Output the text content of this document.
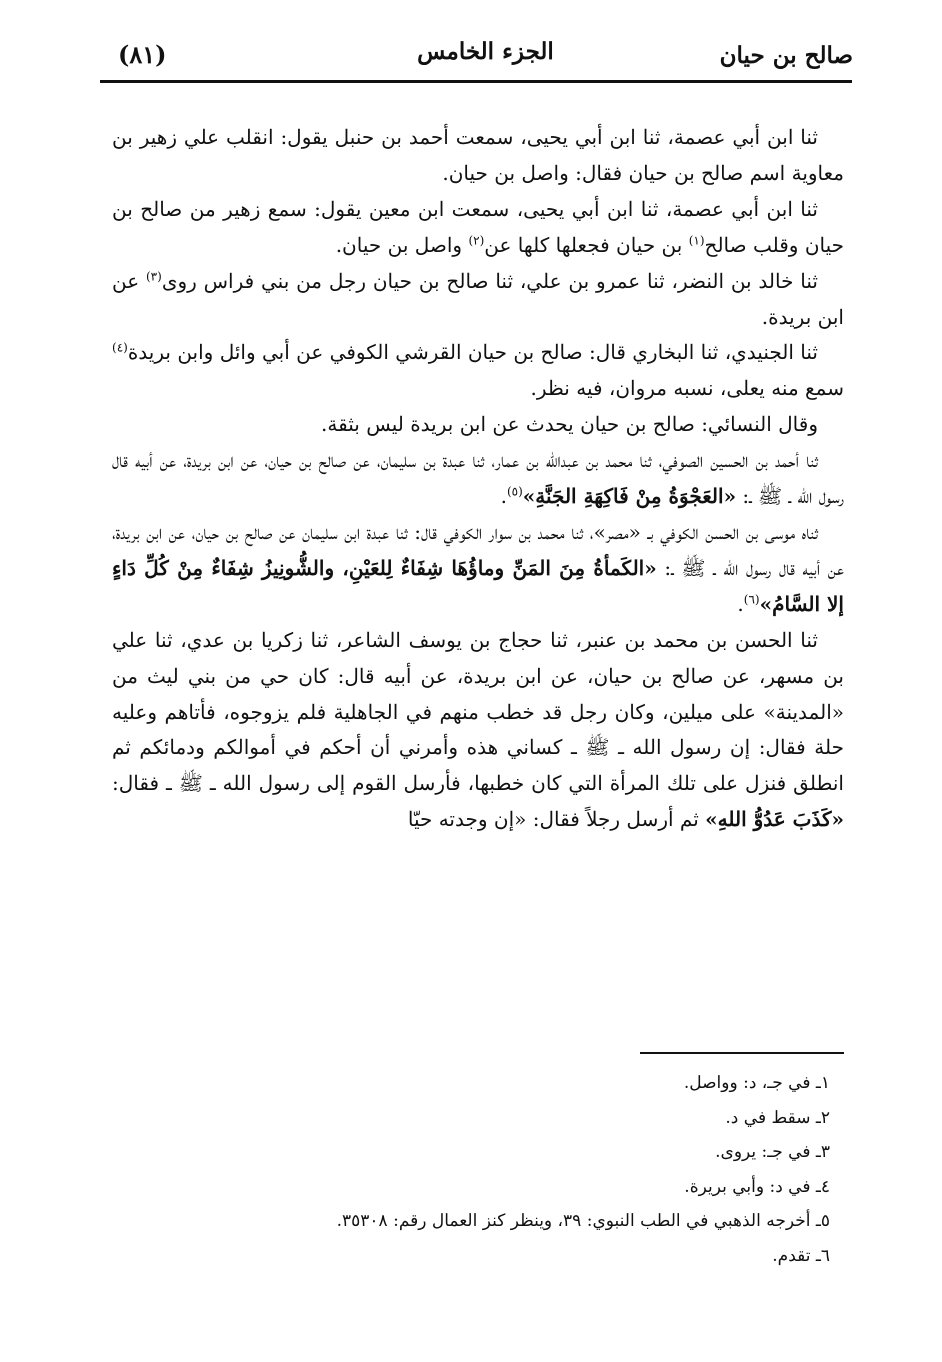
صالح بن حيان
الجزء الخامس
(٨١)

ثنا ابن أبي عصمة، ثنا ابن أبي يحيى، سمعت أحمد بن حنبل يقول: انقلب علي زهير بن معاوية اسم صالح بن حيان فقال: واصل بن حيان.

ثنا ابن أبي عصمة، ثنا ابن أبي يحيى، سمعت ابن معين يقول: سمع زهير من صالح بن حيان وقلب صالح$^{(١)}$ بن حيان فجعلها كلها عن$^{(٢)}$ واصل بن حيان.

ثنا خالد بن النضر، ثنا عمرو بن علي، ثنا صالح بن حيان رجل من بني فراس روى$^{(٣)}$ عن ابن بريدة.

ثنا الجنيدي، ثنا البخاري قال: صالح بن حيان القرشي الكوفي عن أبي وائل وابن بريدة$^{(٤)}$ سمع منه يعلى، نسبه مروان، فيه نظر.

وقال النسائي: صالح بن حيان يحدث عن ابن بريدة ليس بثقة.

ثنا أحمد بن الحسين الصوفي، ثنا محمد بن عبدالله بن عمار، ثنا عبدة بن سليمان، عن صالح بن حيان، عن ابن بريدة، عن أبيه قال رسول الله ـ ﷺ ـ: «العَجْوَةُ مِنْ فَاكِهَةِ الجَنَّةِ»$^{(٥)}$.

ثناه موسى بن الحسن الكوفي بـ «مصر»، ثنا محمد بن سوار الكوفي قال: ثنا عبدة ابن سليمان عن صالح بن حيان، عن ابن بريدة، عن أبيه قال رسول الله ـ ﷺ ـ: «الكَمأةُ مِنَ المَنِّ وماؤُهَا شِفَاءٌ لِلعَيْنِ، والشُّونِيزُ شِفَاءٌ مِنْ كُلِّ دَاءٍ إلا السَّامُ»$^{(٦)}$.

ثنا الحسن بن محمد بن عنبر، ثنا حجاج بن يوسف الشاعر، ثنا زكريا بن عدي، ثنا علي بن مسهر، عن صالح بن حيان، عن ابن بريدة، عن أبيه قال: كان حي من بني ليث من «المدينة» على ميلين، وكان رجل قد خطب منهم في الجاهلية فلم يزوجوه، فأتاهم وعليه حلة فقال: إن رسول الله ـ ﷺ ـ كساني هذه وأمرني أن أحكم في أموالكم ودمائكم ثم انطلق فنزل على تلك المرأة التي كان خطبها، فأرسل القوم إلى رسول الله ـ ﷺ ـ فقال: «كَذَبَ عَدُوُّ اللهِ» ثم أرسل رجلاً فقال: «إن وجدته حيّا

١ـ في جـ، د: وواصل.
٢ـ سقط في د.
٣ـ في جـ: يروى.
٤ـ في د: وأبي بريرة.
٥ـ أخرجه الذهبي في الطب النبوي: ٣٩، وينظر كنز العمال رقم: ٣٥٣٠٨.
٦ـ تقدم.
